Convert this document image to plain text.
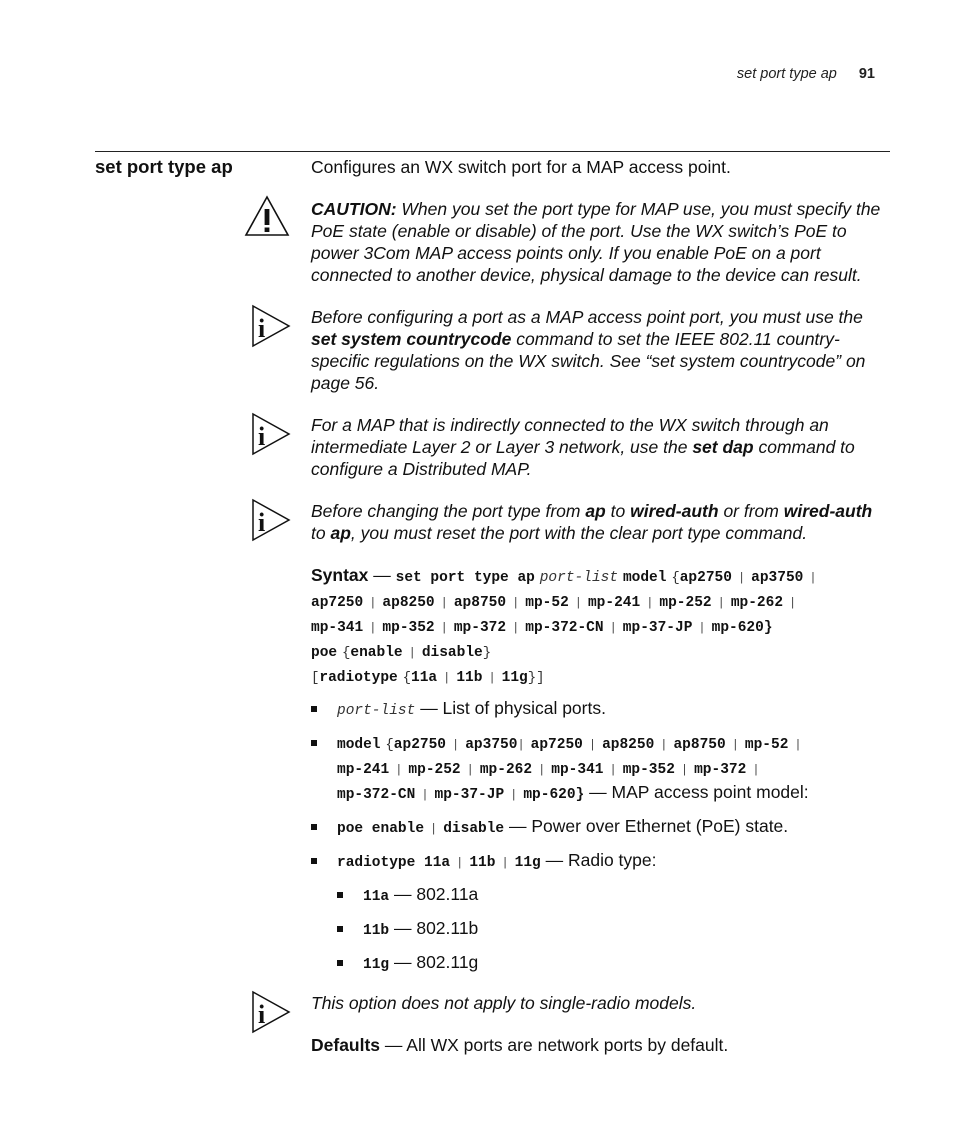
set port type ap 91
set port type ap	Configures an WX switch port for a MAP access point.

CAUTION: When you set the port type for MAP use, you must specify the PoE state (enable or disable) of the port. Use the WX switch’s PoE to power 3Com MAP access points only. If you enable PoE on a port connected to another device, physical damage to the device can result.

i	Before configuring a port as a MAP access point port, you must use the set system countrycode command to set the IEEE 802.11 country-specific regulations on the WX switch. See “set system countrycode” on page 56.

i	For a MAP that is indirectly connected to the WX switch through an intermediate Layer 2 or Layer 3 network, use the set dap command to configure a Distributed MAP.

i	Before changing the port type from ap to wired-auth or from wired-auth to ap, you must reset the port with the clear port type command.

Syntax — set port type ap port-list model {ap2750 | ap3750 |

ap7250 | ap8250 | ap8750 | mp-52 | mp-241 | mp-252 | mp-262 |

mp-341 | mp-352 | mp-372 | mp-372-CN | mp-37-JP | mp-620}

poe {enable | disable}

[radiotype {11a | 11b | 11g}]

port-list — List of physical ports.
model {ap2750 | ap3750| ap7250 | ap8250 | ap8750 | mp-52 |
mp-241 | mp-252 | mp-262 | mp-341 | mp-352 | mp-372 |
mp-372-CN | mp-37-JP | mp-620} — MAP access point model:
poe enable | disable — Power over Ethernet (PoE) state.
radiotype 11a | 11b | 11g — Radio type:
11a — 802.11a
11b — 802.11b
11g — 802.11g
i	This option does not apply to single-radio models.

Defaults — All WX ports are network ports by default.
